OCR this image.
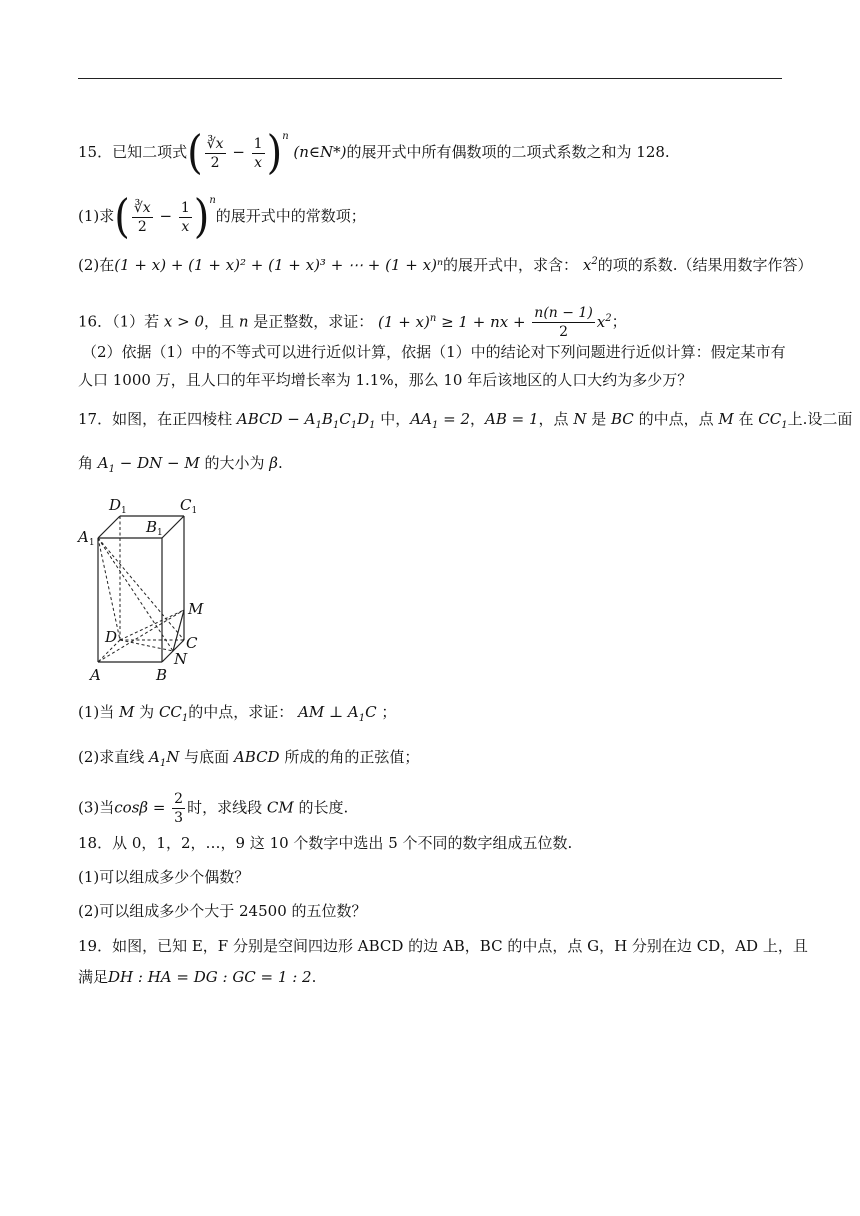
15．已知二项式( $\frac{∛x}{2} - \frac{1}{x} )^n$ (n∈N*)的展开式中所有偶数项的二项式系数之和为 128.
(1)求( $\frac{∛x}{2} - \frac{1}{x} )^n$的展开式中的常数项；
(2)在(1 + x) + (1 + x)² + (1 + x)³ + ⋯ + (1 + x)ⁿ的展开式中，求含： $x^2$的项的系数.（结果用数字作答）
16．（1）若 x > 0，且 n 是正整数，求证： $(1 + x)^n \ge 1$ + nx + $\frac{n(n - 1)}{2} x^2$；
（2）依据（1）中的不等式可以进行近似计算，依据（1）中的结论对下列问题进行近似计算：假定某市有
人口 1000 万，且人口的年平均增长率为 1.1%，那么 10 年后该地区的人口大约为多少万？
17．如图，在正四棱柱 ABCD − $A_1B_1C_1D_1$ 中，$AA_1 = 2$，AB = 1，点 N 是 BC 的中点，点 M 在 $CC_1$上.设二面
角 $A_1$ − DN − M 的大小为 β.
$D_1$
$B_1$
$C_1$
$A_1$
M
D	C
N
A	B
(1)当 M 为 $CC_1$的中点，求证： AM ⊥ $A_1C$ ；
(2)求直线 $A_1N$ 与底面 ABCD 所成的角的正弦值；
(3)当$\cos\beta = \frac{2}{3}$ 时，求线段 CM 的长度.
18．从 0，1，2，…，9 这 10 个数字中选出 5 个不同的数字组成五位数.
(1)可以组成多少个偶数？
(2)可以组成多少个大于 24500 的五位数？
19．如图，已知 E，F 分别是空间四边形 ABCD 的边 AB，BC 的中点，点 G，H 分别在边 CD，AD 上，且
满足DH : HA = DG : GC = 1 : 2.
